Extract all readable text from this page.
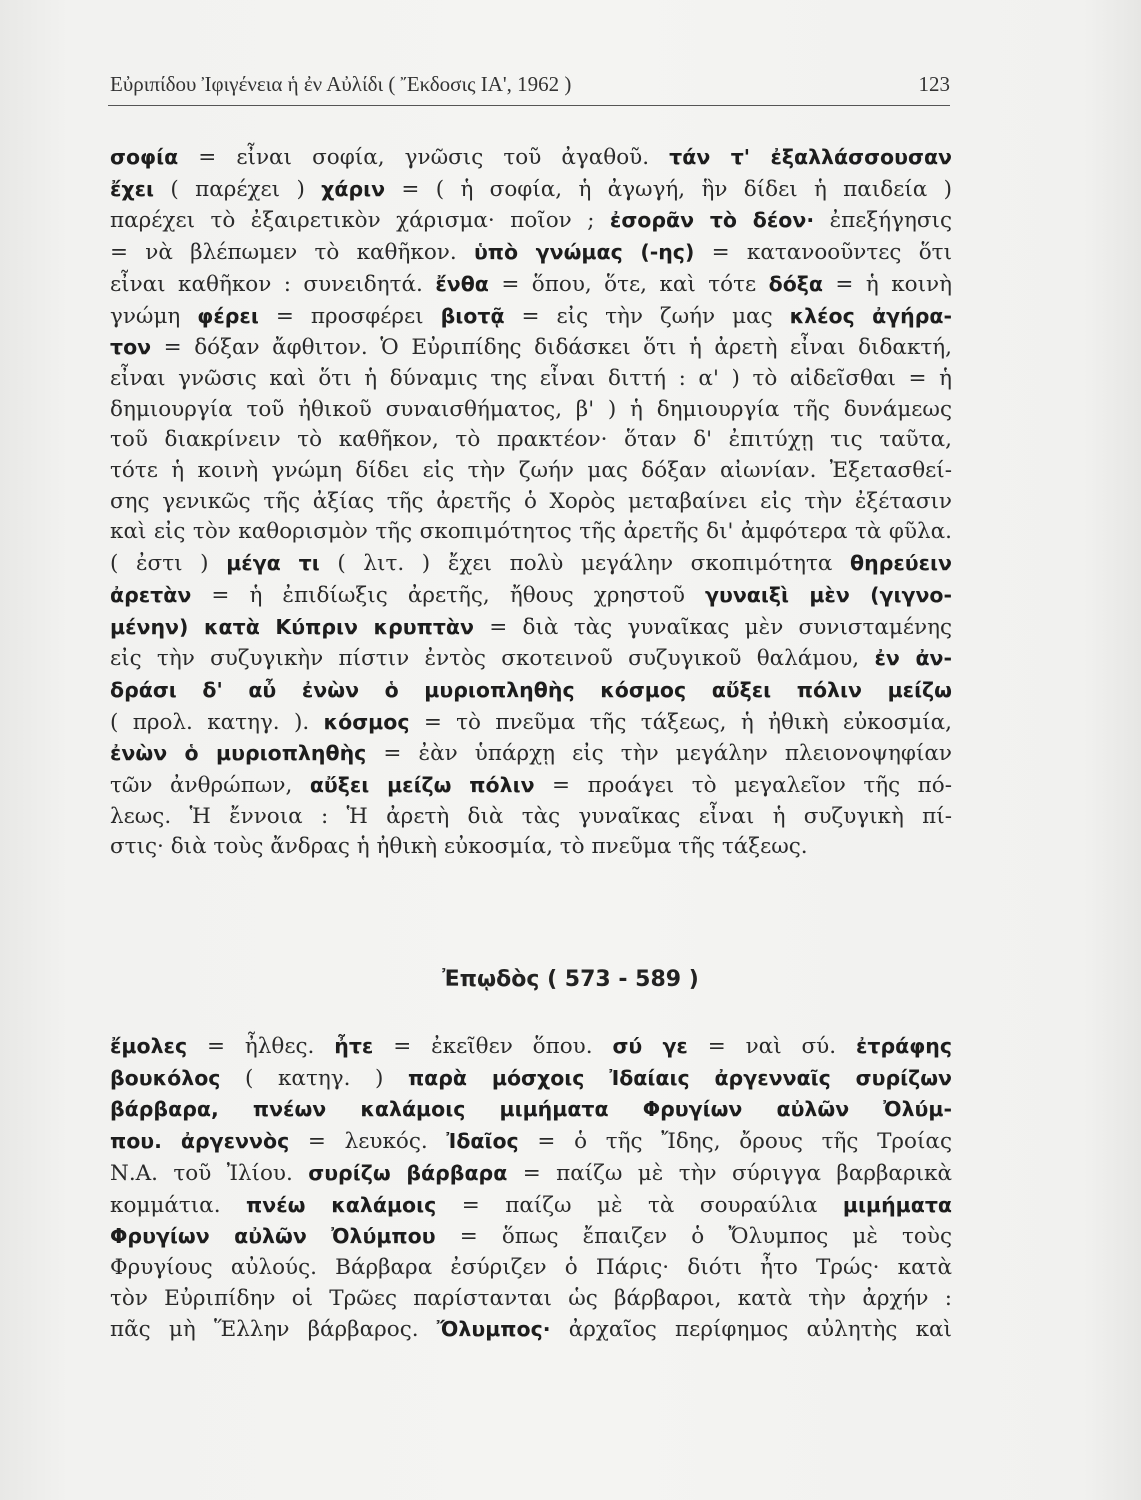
Εὐριπίδου Ἰφιγένεια ἡ ἐν Αὐλίδι ( Ἔκδοσις ΙΑ', 1962 )	123
σοφία = εἶναι σοφία, γνῶσις τοῦ ἀγαθοῦ. τάν τ' ἐξαλλάσσουσαν
ἔχει ( παρέχει ) χάριν = ( ἡ σοφία, ἡ ἀγωγή, ἣν δίδει ἡ παιδεία )
παρέχει τὸ ἐξαιρετικὸν χάρισμα· ποῖον ; ἐσορᾶν τὸ δέον· ἐπεξήγησις
= νὰ βλέπωμεν τὸ καθῆκον. ὑπὸ γνώμας (-ης) = κατανοοῦντες ὅτι
εἶναι καθῆκον : συνειδητά. ἔνθα = ὅπου, ὅτε, καὶ τότε δόξα = ἡ κοινὴ
γνώμη φέρει = προσφέρει βιοτᾷ = εἰς τὴν ζωήν μας κλέος ἀγήρα-
τον = δόξαν ἄφθιτον. Ὁ Εὐριπίδης διδάσκει ὅτι ἡ ἀρετὴ εἶναι διδακτή,
εἶναι γνῶσις καὶ ὅτι ἡ δύναμις της εἶναι διττή : α' ) τὸ αἰδεῖσθαι = ἡ
δημιουργία τοῦ ἠθικοῦ συναισθήματος, β' ) ἡ δημιουργία τῆς δυνάμεως
τοῦ διακρίνειν τὸ καθῆκον, τὸ πρακτέον· ὅταν δ' ἐπιτύχῃ τις ταῦτα,
τότε ἡ κοινὴ γνώμη δίδει εἰς τὴν ζωήν μας δόξαν αἰωνίαν. Ἐξετασθεί-
σης γενικῶς τῆς ἀξίας τῆς ἀρετῆς ὁ Χορὸς μεταβαίνει εἰς τὴν ἐξέτασιν
καὶ εἰς τὸν καθορισμὸν τῆς σκοπιμότητος τῆς ἀρετῆς δι' ἀμφότερα τὰ φῦλα.
( ἐστι ) μέγα τι ( λιτ. ) ἔχει πολὺ μεγάλην σκοπιμότητα θηρεύειν
ἀρετὰν = ἡ ἐπιδίωξις ἀρετῆς, ἤθους χρηστοῦ γυναιξὶ μὲν (γιγνο-
μένην) κατὰ Κύπριν κρυπτὰν = διὰ τὰς γυναῖκας μὲν συνισταμένης
εἰς τὴν συζυγικὴν πίστιν ἐντὸς σκοτεινοῦ συζυγικοῦ θαλάμου, ἐν ἀν-
δράσι δ' αὖ ἐνὼν ὁ μυριοπληθὴς κόσμος αὔξει πόλιν μείζω
( προλ. κατηγ. ). κόσμος = τὸ πνεῦμα τῆς τάξεως, ἡ ἠθικὴ εὐκοσμία,
ἐνὼν ὁ μυριοπληθὴς = ἐὰν ὑπάρχῃ εἰς τὴν μεγάλην πλειονοψηφίαν
τῶν ἀνθρώπων, αὔξει μείζω πόλιν = προάγει τὸ μεγαλεῖον τῆς πό-
λεως. Ἡ ἔννοια : Ἡ ἀρετὴ διὰ τὰς γυναῖκας εἶναι ἡ συζυγικὴ πί-
στις· διὰ τοὺς ἄνδρας ἡ ἠθικὴ εὐκοσμία, τὸ πνεῦμα τῆς τάξεως.
Ἐπῳδὸς ( 573 - 589 )
ἔμολες = ἦλθες. ἦτε = ἐκεῖθεν ὅπου. σύ γε = ναὶ σύ. ἐτράφης
βουκόλος ( κατηγ. ) παρὰ μόσχοις Ἰδαίαις ἀργενναῖς συρίζων
βάρβαρα, πνέων καλάμοις μιμήματα Φρυγίων αὐλῶν Ὀλύμ-
που. ἀργεννὸς = λευκός. Ἰδαῖος = ὁ τῆς Ἴδης, ὄρους τῆς Τροίας
Ν.Α. τοῦ Ἰλίου. συρίζω βάρβαρα = παίζω μὲ τὴν σύριγγα βαρβαρικὰ
κομμάτια. πνέω καλάμοις = παίζω μὲ τὰ σουραύλια μιμήματα
Φρυγίων αὐλῶν Ὀλύμπου = ὅπως ἔπαιζεν ὁ Ὄλυμπος μὲ τοὺς
Φρυγίους αὐλούς. Βάρβαρα ἐσύριζεν ὁ Πάρις· διότι ἦτο Τρώς· κατὰ
τὸν Εὐριπίδην οἱ Τρῶες παρίστανται ὡς βάρβαροι, κατὰ τὴν ἀρχήν :
πᾶς μὴ Ἕλλην βάρβαρος. Ὄλυμπος· ἀρχαῖος περίφημος αὐλητὴς καὶ
